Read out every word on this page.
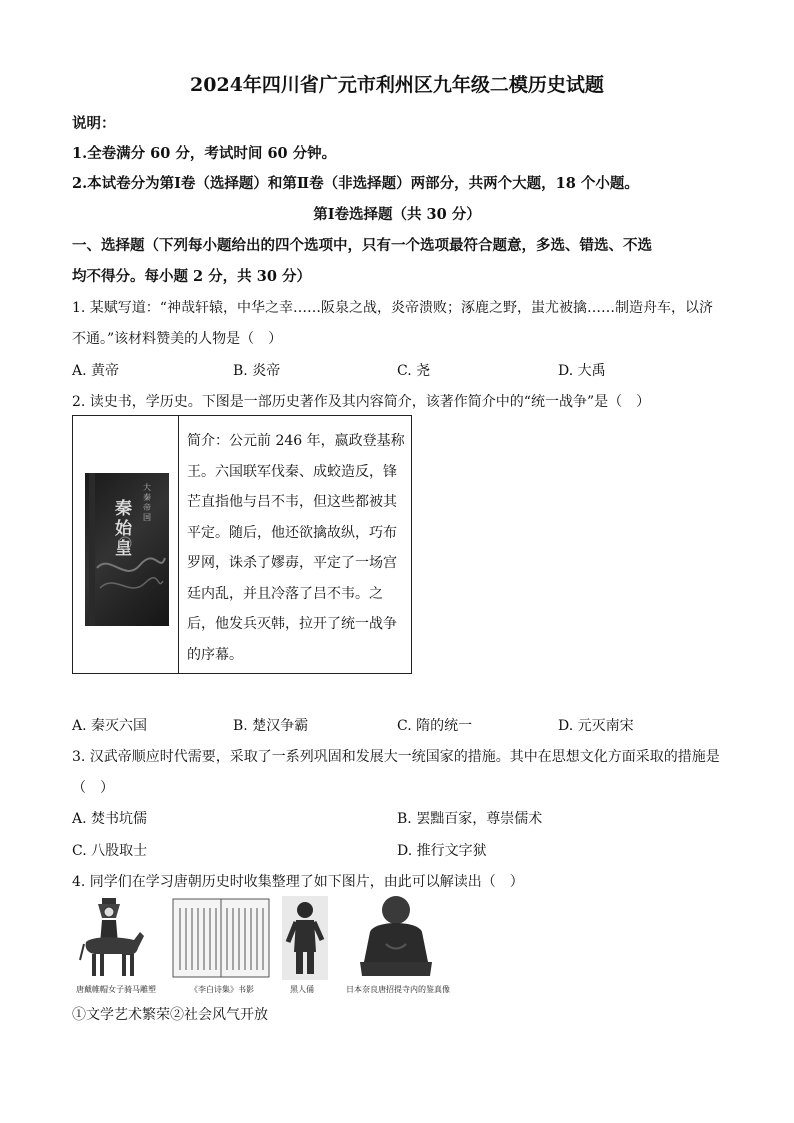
2024年四川省广元市利州区九年级二模历史试题
说明：
1.全卷满分 60 分，考试时间 60 分钟。
2.本试卷分为第Ⅰ卷（选择题）和第Ⅱ卷（非选择题）两部分，共两个大题，18 个小题。
第Ⅰ卷选择题（共 30 分）
一、选择题（下列每小题给出的四个选项中，只有一个选项最符合题意，多选、错选、不选
均不得分。每小题 2 分，共 30 分）
1. 某赋写道：“神哉轩辕，中华之幸……阪泉之战，炎帝溃败；涿鹿之野，蚩尤被擒……制造舟车，以济
不通。”该材料赞美的人物是（　）
A. 黄帝	B. 炎帝	C. 尧	D. 大禹
2. 读史书，学历史。下图是一部历史著作及其内容简介，该著作简介中的“统一战争”是（　）
大秦帝国
秦始皇
简介：公元前 246 年，嬴政登基称王。六国联军伐秦、成蛟造反，锋芒直指他与吕不韦，但这些都被其平定。随后，他还欲擒故纵，巧布罗网，诛杀了嫪毐，平定了一场宫廷内乱，并且冷落了吕不韦。之后，他发兵灭韩，拉开了统一战争的序幕。
A. 秦灭六国	B. 楚汉争霸	C. 隋的统一	D. 元灭南宋
3. 汉武帝顺应时代需要，采取了一系列巩固和发展大一统国家的措施。其中在思想文化方面采取的措施是
（　）
A. 焚书坑儒	B. 罢黜百家，尊崇儒术
C. 八股取士	D. 推行文字狱
4. 同学们在学习唐朝历史时收集整理了如下图片，由此可以解读出（　）
唐戴帷帽女子骑马雕塑	《李白诗集》书影	黑人俑	日本奈良唐招提寺内的鉴真像
①文学艺术繁荣②社会风气开放
